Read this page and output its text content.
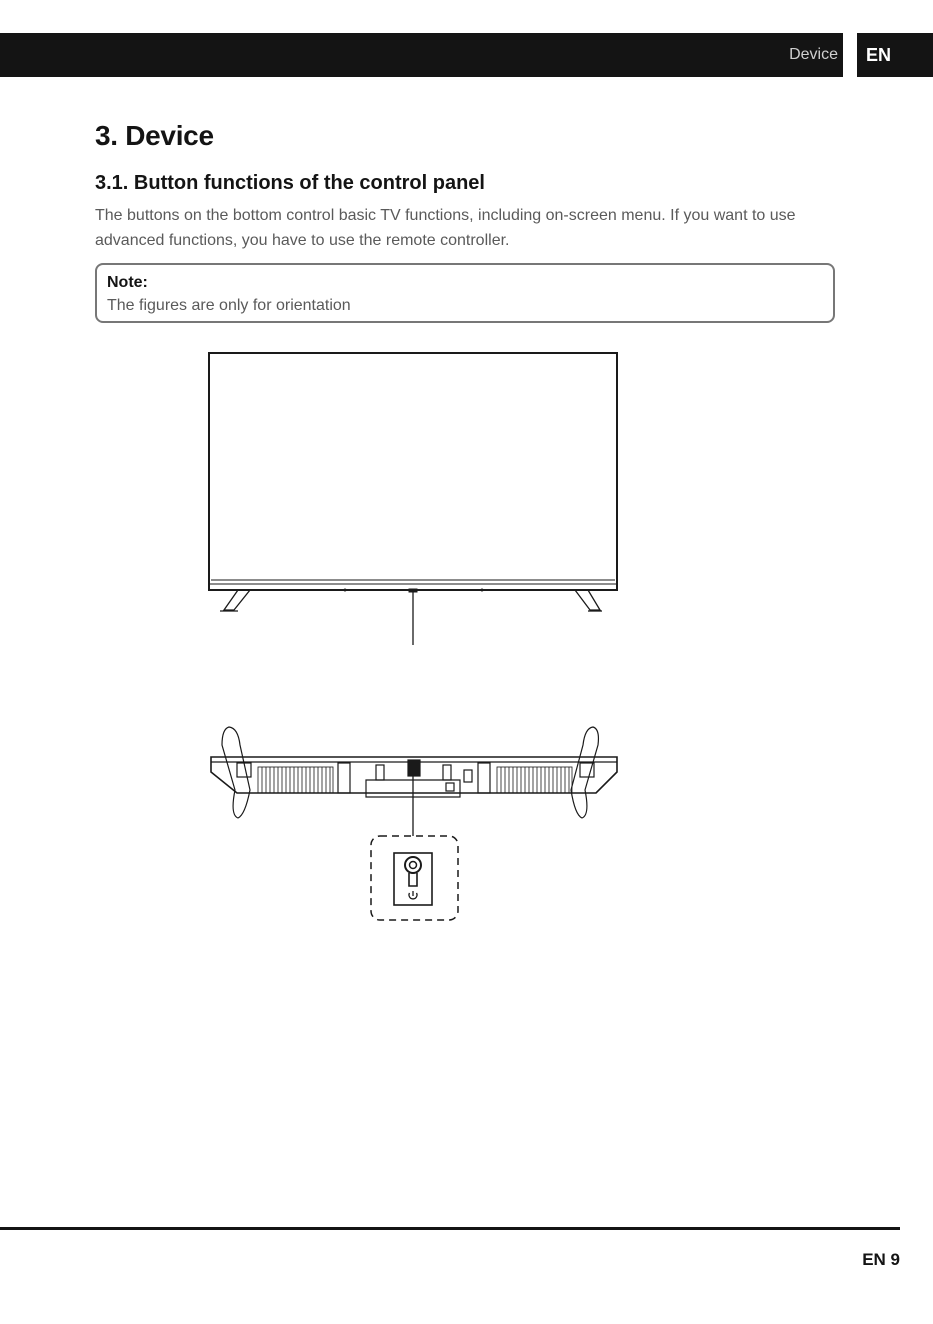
Device EN
3. Device
3.1. Button functions of the control panel

The buttons on the bottom control basic TV functions, including on-screen menu. If you want to use advanced functions, you have to use the remote controller.

Note:
The figures are only for orientation
EN 9
